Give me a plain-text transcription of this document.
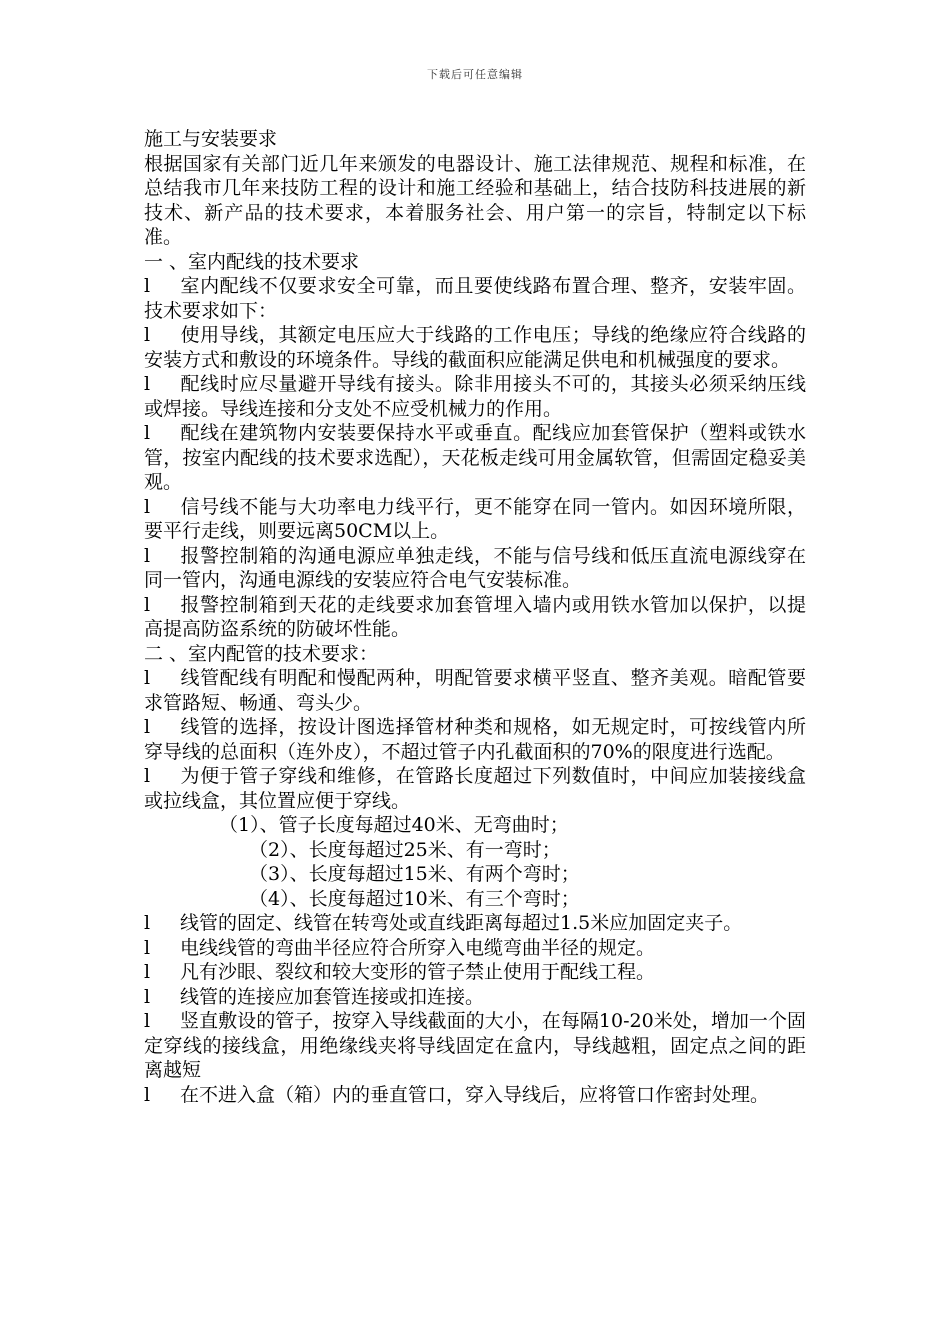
下载后可任意编辑

施工与安装要求

根据国家有关部门近几年来颁发的电器设计、施工法律规范、规程和标准，在总结我市几年来技防工程的设计和施工经验和基础上，结合技防科技进展的新技术、新产品的技术要求，本着服务社会、用户第一的宗旨，特制定以下标准。

一 、室内配线的技术要求

l 室内配线不仅要求安全可靠，而且要使线路布置合理、整齐，安装牢固。技术要求如下：

l 使用导线，其额定电压应大于线路的工作电压；导线的绝缘应符合线路的安装方式和敷设的环境条件。导线的截面积应能满足供电和机械强度的要求。

l 配线时应尽量避开导线有接头。除非用接头不可的，其接头必须采纳压线或焊接。导线连接和分支处不应受机械力的作用。

l 配线在建筑物内安装要保持水平或垂直。配线应加套管保护（塑料或铁水管，按室内配线的技术要求选配），天花板走线可用金属软管，但需固定稳妥美观。

l 信号线不能与大功率电力线平行，更不能穿在同一管内。如因环境所限，要平行走线，则要远离50CM以上。

l 报警控制箱的沟通电源应单独走线，不能与信号线和低压直流电源线穿在同一管内，沟通电源线的安装应符合电气安装标准。

l 报警控制箱到天花的走线要求加套管埋入墙内或用铁水管加以保护，以提高提高防盗系统的防破坏性能。

二 、室内配管的技术要求：

l 线管配线有明配和慢配两种，明配管要求横平竖直、整齐美观。暗配管要求管路短、畅通、弯头少。

l 线管的选择，按设计图选择管材种类和规格，如无规定时，可按线管内所穿导线的总面积（连外皮），不超过管子内孔截面积的70%的限度进行选配。

l 为便于管子穿线和维修，在管路长度超过下列数值时，中间应加装接线盒或拉线盒，其位置应便于穿线。

（1）、管子长度每超过40米、无弯曲时；

（2）、长度每超过25米、有一弯时；

（3）、长度每超过15米、有两个弯时；

（4）、长度每超过10米、有三个弯时；

l 线管的固定、线管在转弯处或直线距离每超过1.5米应加固定夹子。

l 电线线管的弯曲半径应符合所穿入电缆弯曲半径的规定。

l 凡有沙眼、裂纹和较大变形的管子禁止使用于配线工程。

l 线管的连接应加套管连接或扣连接。

l 竖直敷设的管子，按穿入导线截面的大小，在每隔10-20米处，增加一个固定穿线的接线盒，用绝缘线夹将导线固定在盒内，导线越粗，固定点之间的距离越短

l 在不进入盒（箱）内的垂直管口，穿入导线后，应将管口作密封处理。
